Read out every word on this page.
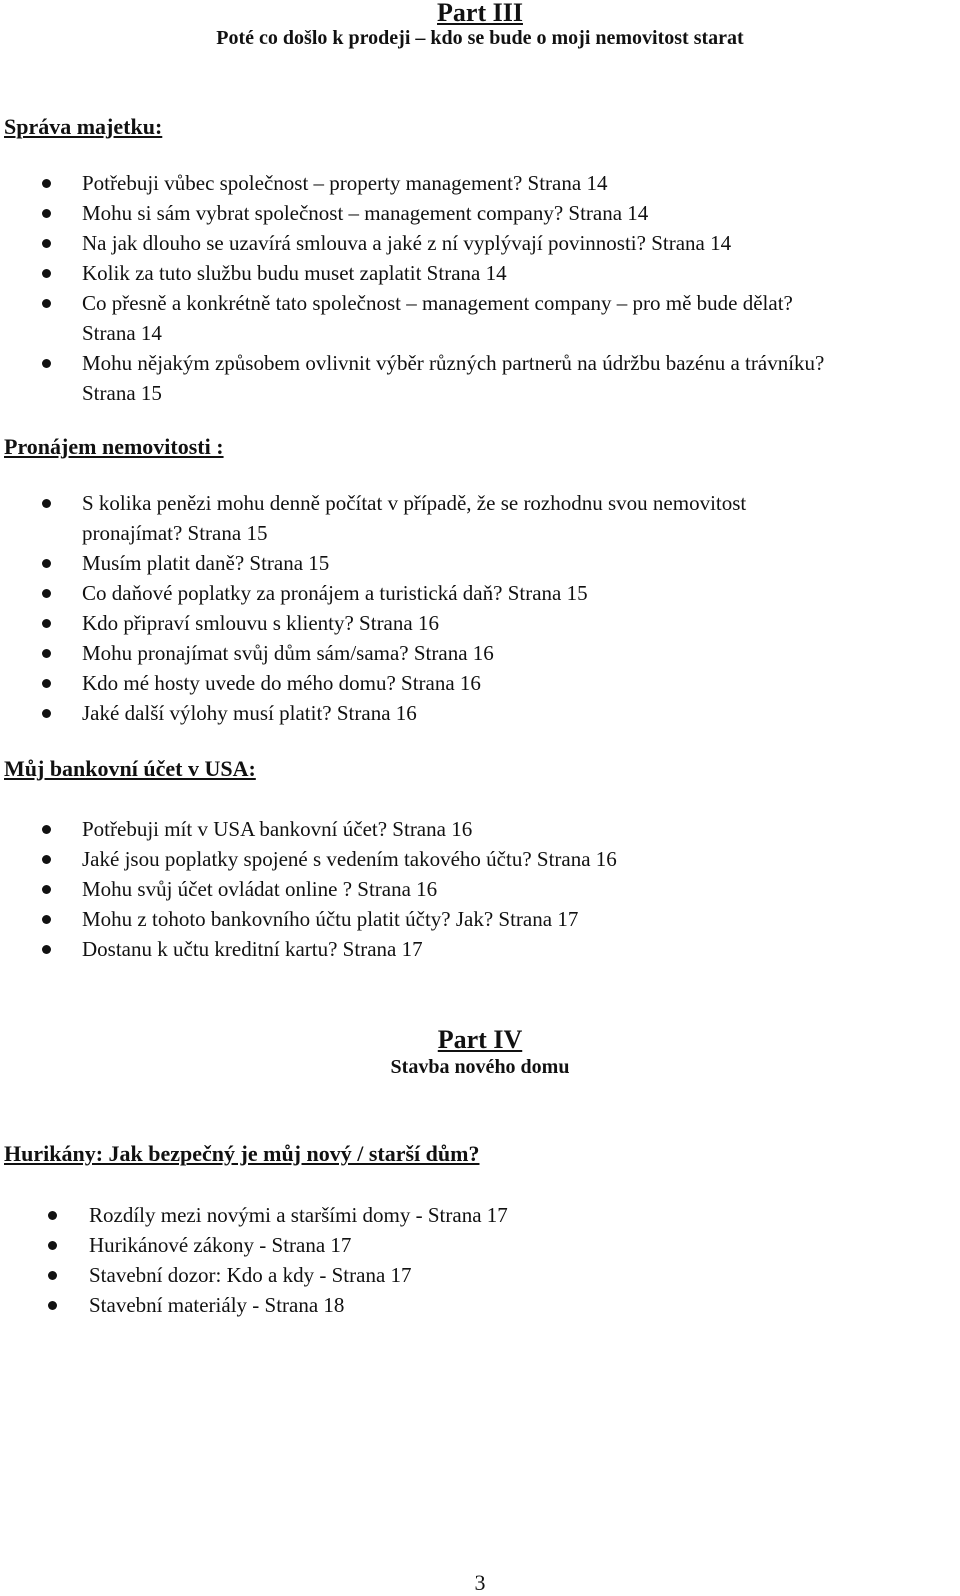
Part III
Poté co došlo k prodeji – kdo se bude o moji nemovitost starat
Správa majetku:
Potřebuji vůbec společnost – property management? Strana 14
Mohu si sám vybrat společnost – management company? Strana 14
Na jak dlouho se uzavírá smlouva a jaké z ní vyplývají povinnosti? Strana 14
Kolik za tuto službu budu muset zaplatit Strana 14
Co přesně a konkrétně tato společnost – management company – pro mě bude dělat?
Strana 14
Mohu nějakým způsobem ovlivnit výběr různých partnerů na údržbu bazénu a trávníku?
Strana 15
Pronájem nemovitosti :
S kolika penězi mohu denně počítat v případě, že se rozhodnu svou nemovitost
pronajímat? Strana 15
Musím platit daně? Strana 15
Co daňové poplatky za pronájem a turistická daň? Strana 15
Kdo připraví smlouvu s klienty? Strana 16
Mohu pronajímat svůj dům sám/sama? Strana 16
Kdo mé hosty uvede do mého domu? Strana 16
Jaké další výlohy musí platit? Strana 16
Můj bankovní účet v USA:
Potřebuji mít v USA bankovní účet? Strana 16
Jaké jsou poplatky spojené s vedením takového účtu? Strana 16
Mohu svůj účet ovládat online ? Strana 16
Mohu z tohoto bankovního účtu platit účty? Jak? Strana 17
Dostanu k učtu kreditní kartu? Strana 17
Part IV
Stavba nového domu
Hurikány: Jak bezpečný je můj nový / starší dům?
Rozdíly mezi novými a staršími domy - Strana 17
Hurikánové zákony - Strana 17
Stavební dozor: Kdo a kdy - Strana 17
Stavební materiály - Strana 18
3
